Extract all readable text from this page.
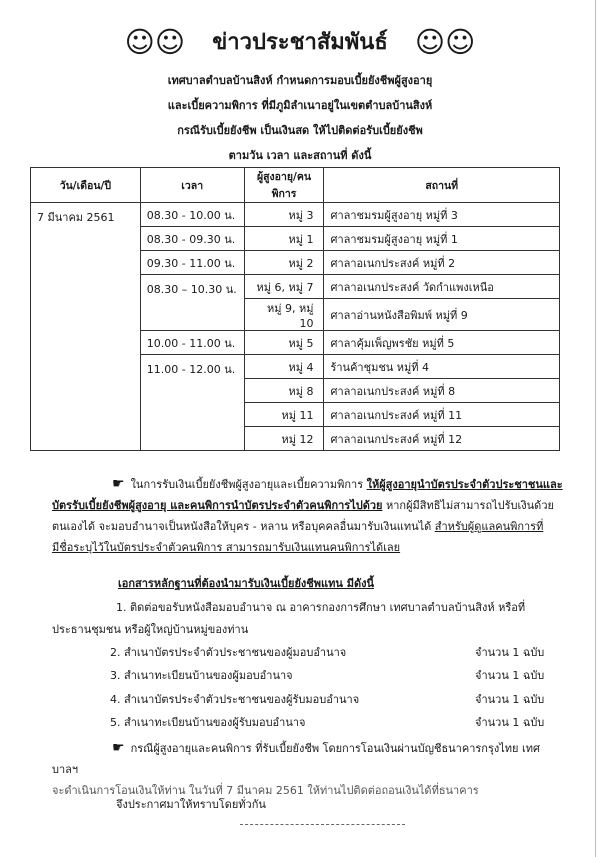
☺☺ ข่าวประชาสัมพันธ์ ☺☺
เทศบาลตำบลบ้านสิงห์ กำหนดการมอบเบี้ยยังชีพผู้สูงอายุ
และเบี้ยความพิการ ที่มีภูมิลำเนาอยู่ในเขตตำบลบ้านสิงห์
กรณีรับเบี้ยยังชีพ เป็นเงินสด ให้ไปติดต่อรับเบี้ยยังชีพ
ตามวัน เวลา และสถานที่ ดังนี้
วัน/เดือน/ปี	เวลา	ผู้สูงอายุ/คนพิการ	สถานที่
7 มีนาคม 2561	08.30 - 10.00 น.	หมู่ 3	ศาลาชมรมผู้สูงอายุ หมู่ที่ 3
	08.30 - 09.30 น.	หมู่ 1	ศาลาชมรมผู้สูงอายุ หมู่ที่ 1
	09.30 - 11.00 น.	หมู่ 2	ศาลาอเนกประสงค์ หมู่ที่ 2
	08.30 – 10.30 น.	หมู่ 6, หมู่ 7	ศาลาอเนกประสงค์ วัดกำแพงเหนือ
		หมู่ 9, หมู่ 10	ศาลาอ่านหนังสือพิมพ์ หมู่ที่ 9
	10.00 - 11.00 น.	หมู่ 5	ศาลาคุ้มเพ็ญพรชัย หมู่ที่ 5
	11.00 - 12.00 น.	หมู่ 4	ร้านค้าชุมชน หมู่ที่ 4
		หมู่ 8	ศาลาอเนกประสงค์ หมู่ที่ 8
		หมู่ 11	ศาลาอเนกประสงค์ หมู่ที่ 11
		หมู่ 12	ศาลาอเนกประสงค์ หมู่ที่ 12
☛ ในการรับเงินเบี้ยยังชีพผู้สูงอายุและเบี้ยความพิการ ให้ผู้สูงอายุนำบัตรประจำตัวประชาชนและบัตรรับเบี้ยยังชีพผู้สูงอายุ และคนพิการนำบัตรประจำตัวคนพิการไปด้วย หากผู้มีสิทธิไม่สามารถไปรับเงินด้วยตนเองได้ จะมอบอำนาจเป็นหนังสือให้บุคร - หลาน หรือบุคคลอื่นมารับเงินแทนได้ สำหรับผู้ดูแลคนพิการที่มีชื่อระบุไว้ในบัตรประจำตัวคนพิการ สามารถมารับเงินแทนคนพิการได้เลย
เอกสารหลักฐานที่ต้องนำมารับเงินเบี้ยยังชีพแทน มีดังนี้
1. ติดต่อขอรับหนังสือมอบอำนาจ ณ อาคารกองการศึกษา เทศบาลตำบลบ้านสิงห์ หรือที่ประธานชุมชน หรือผู้ใหญ่บ้านหมู่ของท่าน
2. สำเนาบัตรประจำตัวประชาชนของผู้มอบอำนาจ	จำนวน 1 ฉบับ
3. สำเนาทะเบียนบ้านของผู้มอบอำนาจ	จำนวน 1 ฉบับ
4. สำเนาบัตรประจำตัวประชาชนของผู้รับมอบอำนาจ	จำนวน 1 ฉบับ
5. สำเนาทะเบียนบ้านของผู้รับมอบอำนาจ	จำนวน 1 ฉบับ
☛ กรณีผู้สูงอายุและคนพิการ ที่รับเบี้ยยังชีพ โดยการโอนเงินผ่านบัญชีธนาคารกรุงไทย เทศบาลฯ
จะดำเนินการโอนเงินให้ท่าน ในวันที่ 7 มีนาคม 2561 ให้ท่านไปติดต่อถอนเงินได้ที่ธนาคาร
จึงประกาศมาให้ทราบโดยทั่วกัน
